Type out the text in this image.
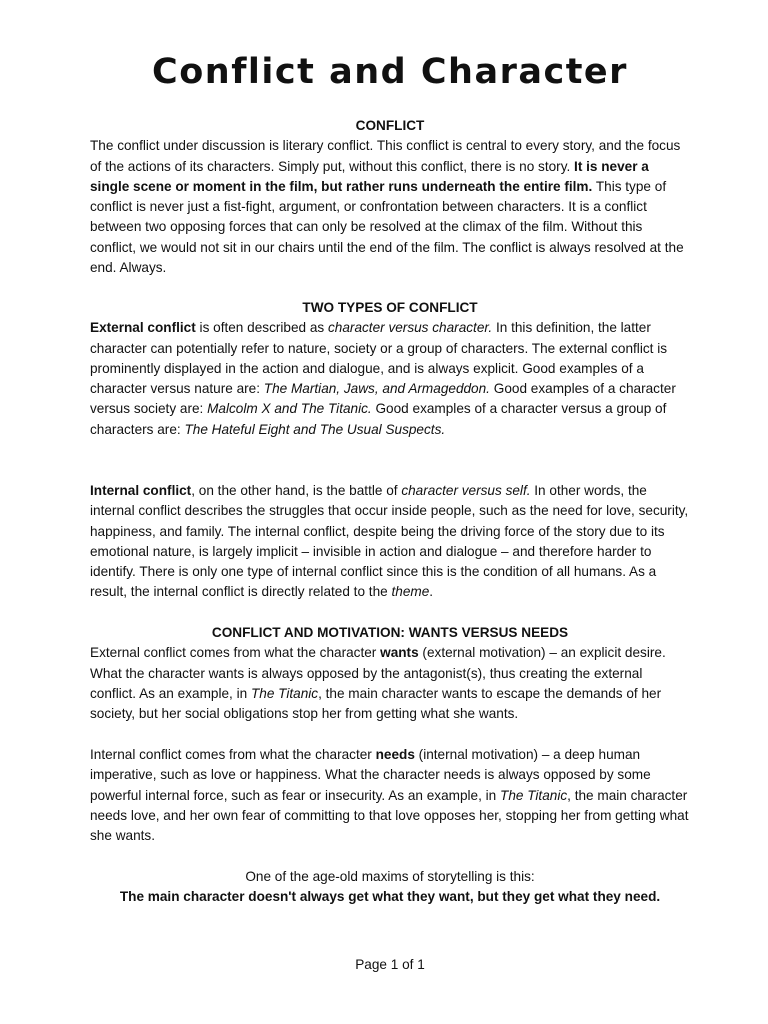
Conflict and Character
CONFLICT

The conflict under discussion is literary conflict. This conflict is central to every story, and the focus of the actions of its characters. Simply put, without this conflict, there is no story. It is never a single scene or moment in the film, but rather runs underneath the entire film. This type of conflict is never just a fist-fight, argument, or confrontation between characters. It is a conflict between two opposing forces that can only be resolved at the climax of the film. Without this conflict, we would not sit in our chairs until the end of the film. The conflict is always resolved at the end. Always.

TWO TYPES OF CONFLICT

External conflict is often described as character versus character. In this definition, the latter character can potentially refer to nature, society or a group of characters. The external conflict is prominently displayed in the action and dialogue, and is always explicit. Good examples of a character versus nature are: The Martian, Jaws, and Armageddon. Good examples of a character versus society are: Malcolm X and The Titanic. Good examples of a character versus a group of characters are: The Hateful Eight and The Usual Suspects.

Internal conflict, on the other hand, is the battle of character versus self. In other words, the internal conflict describes the struggles that occur inside people, such as the need for love, security, happiness, and family. The internal conflict, despite being the driving force of the story due to its emotional nature, is largely implicit – invisible in action and dialogue – and therefore harder to identify. There is only one type of internal conflict since this is the condition of all humans. As a result, the internal conflict is directly related to the theme.

CONFLICT AND MOTIVATION: WANTS VERSUS NEEDS

External conflict comes from what the character wants (external motivation) – an explicit desire. What the character wants is always opposed by the antagonist(s), thus creating the external conflict. As an example, in The Titanic, the main character wants to escape the demands of her society, but her social obligations stop her from getting what she wants.

Internal conflict comes from what the character needs (internal motivation) – a deep human imperative, such as love or happiness. What the character needs is always opposed by some powerful internal force, such as fear or insecurity. As an example, in The Titanic, the main character needs love, and her own fear of committing to that love opposes her, stopping her from getting what she wants.

One of the age-old maxims of storytelling is this:

The main character doesn't always get what they want, but they get what they need.

Page 1 of 1
